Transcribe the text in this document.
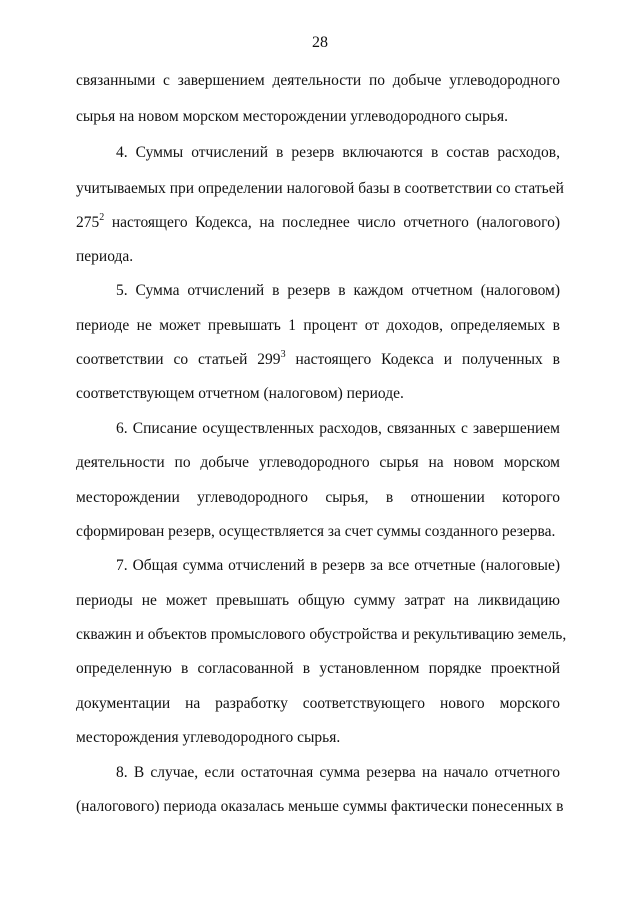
28
связанными с завершением деятельности по добыче углеводородного
сырья на новом морском месторождении углеводородного сырья.
4. Суммы отчислений в резерв включаются в состав расходов,
учитываемых при определении налоговой базы в соответствии со статьей
$275^2$ настоящего Кодекса, на последнее число отчетного (налогового)
периода.
5. Сумма отчислений в резерв в каждом отчетном (налоговом)
периоде не может превышать 1 процент от доходов, определяемых в
соответствии со статьей $299^3$ настоящего Кодекса и полученных в
соответствующем отчетном (налоговом) периоде.
6. Списание осуществленных расходов, связанных с завершением
деятельности по добыче углеводородного сырья на новом морском
месторождении углеводородного сырья, в отношении которого
сформирован резерв, осуществляется за счет суммы созданного резерва.
7. Общая сумма отчислений в резерв за все отчетные (налоговые)
периоды не может превышать общую сумму затрат на ликвидацию
скважин и объектов промыслового обустройства и рекультивацию земель,
определенную в согласованной в установленном порядке проектной
документации на разработку соответствующего нового морского
месторождения углеводородного сырья.
8. В случае, если остаточная сумма резерва на начало отчетного
(налогового) периода оказалась меньше суммы фактически понесенных в
